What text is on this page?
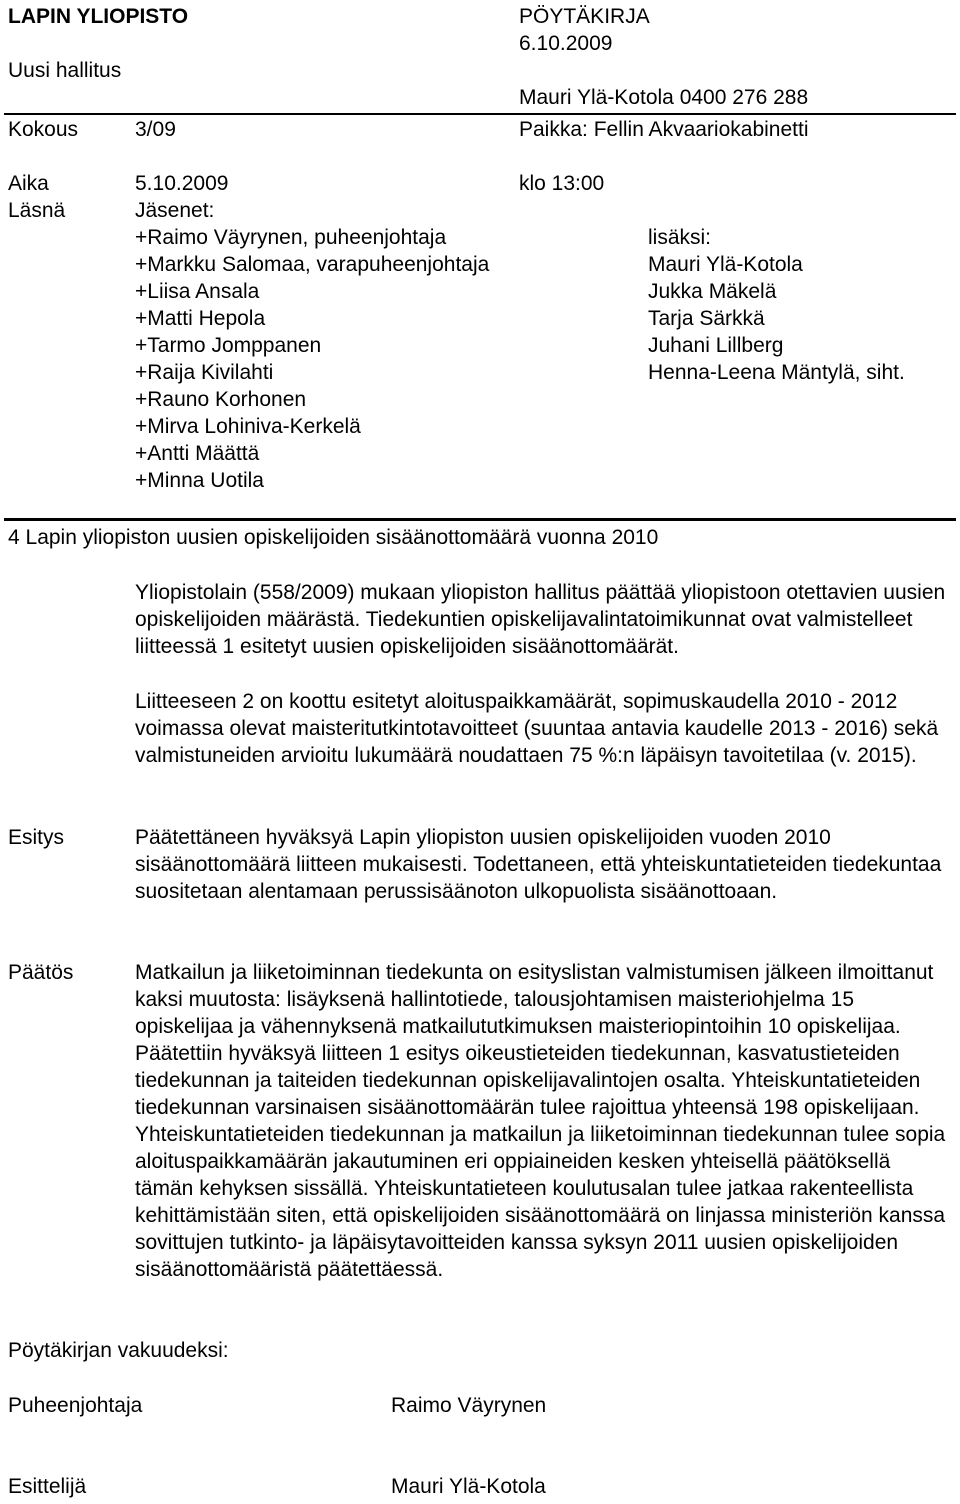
LAPIN YLIOPISTO	PÖYTÄKIRJA
6.10.2009
Uusi hallitus
Mauri Ylä-Kotola 0400 276 288
Kokous	3/09	Paikka: Fellin Akvaariokabinetti
Aika	5.10.2009	klo 13:00
Läsnä	Jäsenet:
+Raimo Väyrynen, puheenjohtaja
+Markku Salomaa, varapuheenjohtaja
+Liisa Ansala
+Matti Hepola
+Tarmo Jomppanen
+Raija Kivilahti
+Rauno Korhonen
+Mirva Lohiniva-Kerkelä
+Antti Määttä
+Minna Uotila
lisäksi:
Mauri Ylä-Kotola
Jukka Mäkelä
Tarja Särkkä
Juhani Lillberg
Henna-Leena Mäntylä, siht.
4 Lapin yliopiston uusien opiskelijoiden sisäänottomäärä vuonna 2010

Yliopistolain (558/2009) mukaan yliopiston hallitus päättää yliopistoon otettavien uusien opiskelijoiden määrästä. Tiedekuntien opiskelijavalintatoimikunnat ovat valmistelleet liitteessä 1 esitetyt uusien opiskelijoiden sisäänottomäärät.

Liitteeseen 2 on koottu esitetyt aloituspaikkamäärät, sopimuskaudella 2010 - 2012 voimassa olevat maisteritutkintotavoitteet (suuntaa antavia kaudelle 2013 - 2016) sekä valmistuneiden arvioitu lukumäärä noudattaen 75 %:n läpäisyn tavoitetilaa (v. 2015).

Esitys	Päätettäneen hyväksyä Lapin yliopiston uusien opiskelijoiden vuoden 2010 sisäänottomäärä liitteen mukaisesti. Todettaneen, että yhteiskuntatieteiden tiedekuntaa suositetaan alentamaan perussisäänoton ulkopuolista sisäänottoaan.

Päätös	Matkailun ja liiketoiminnan tiedekunta on esityslistan valmistumisen jälkeen ilmoittanut kaksi muutosta: lisäyksenä hallintotiede, talousjohtamisen maisteriohjelma 15 opiskelijaa ja vähennyksenä matkailututkimuksen maisteriopintoihin 10 opiskelijaa.

Päätettiin hyväksyä liitteen 1 esitys oikeustieteiden tiedekunnan, kasvatustieteiden tiedekunnan ja taiteiden tiedekunnan opiskelijavalintojen osalta. Yhteiskuntatieteiden tiedekunnan varsinaisen sisäänottomäärän tulee rajoittua yhteensä 198 opiskelijaan. Yhteiskuntatieteiden tiedekunnan ja matkailun ja liiketoiminnan tiedekunnan tulee sopia aloituspaikkamäärän jakautuminen eri oppiaineiden kesken yhteisellä päätöksellä tämän kehyksen sissällä. Yhteiskuntatieteen koulutusalan tulee jatkaa rakenteellista kehittämistään siten, että opiskelijoiden sisäänottomäärä on linjassa ministeriön kanssa sovittujen tutkinto- ja läpäisytavoitteiden kanssa syksyn 2011 uusien opiskelijoiden sisäänottomääristä päätettäessä.

Pöytäkirjan vakuudeksi:
Puheenjohtaja	Raimo Väyrynen
Esittelijä	Mauri Ylä-Kotola
